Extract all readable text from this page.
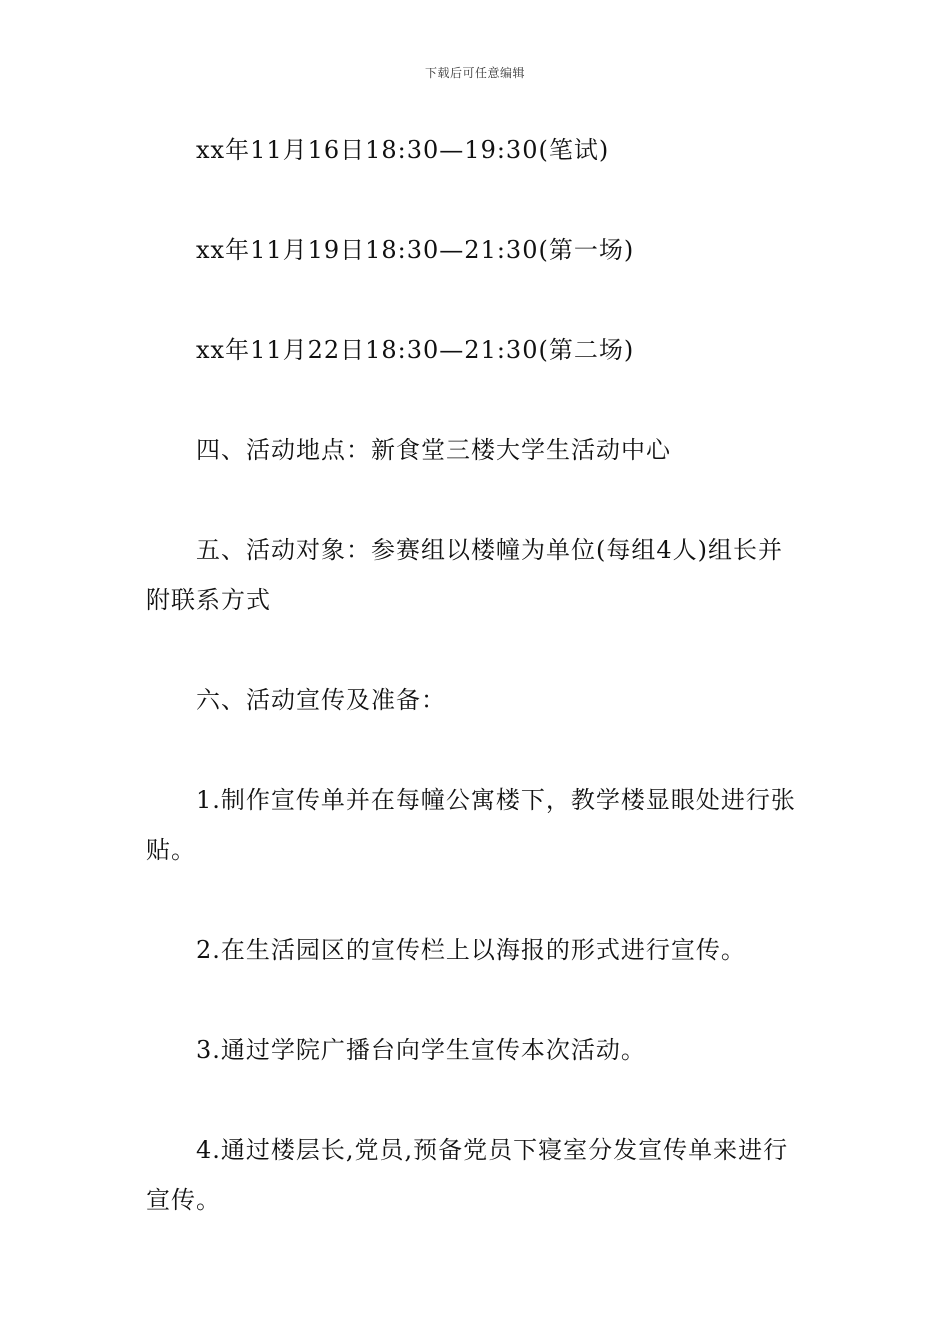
下载后可任意编辑

xx年11月16日18:30—19:30(笔试)

xx年11月19日18:30—21:30(第一场)

xx年11月22日18:30—21:30(第二场)

四、活动地点：新食堂三楼大学生活动中心

五、活动对象：参赛组以楼幢为单位(每组4人)组长并附联系方式

六、活动宣传及准备：

1.制作宣传单并在每幢公寓楼下，教学楼显眼处进行张贴。

2.在生活园区的宣传栏上以海报的形式进行宣传。

3.通过学院广播台向学生宣传本次活动。

4.通过楼层长,党员,预备党员下寝室分发宣传单来进行宣传。
